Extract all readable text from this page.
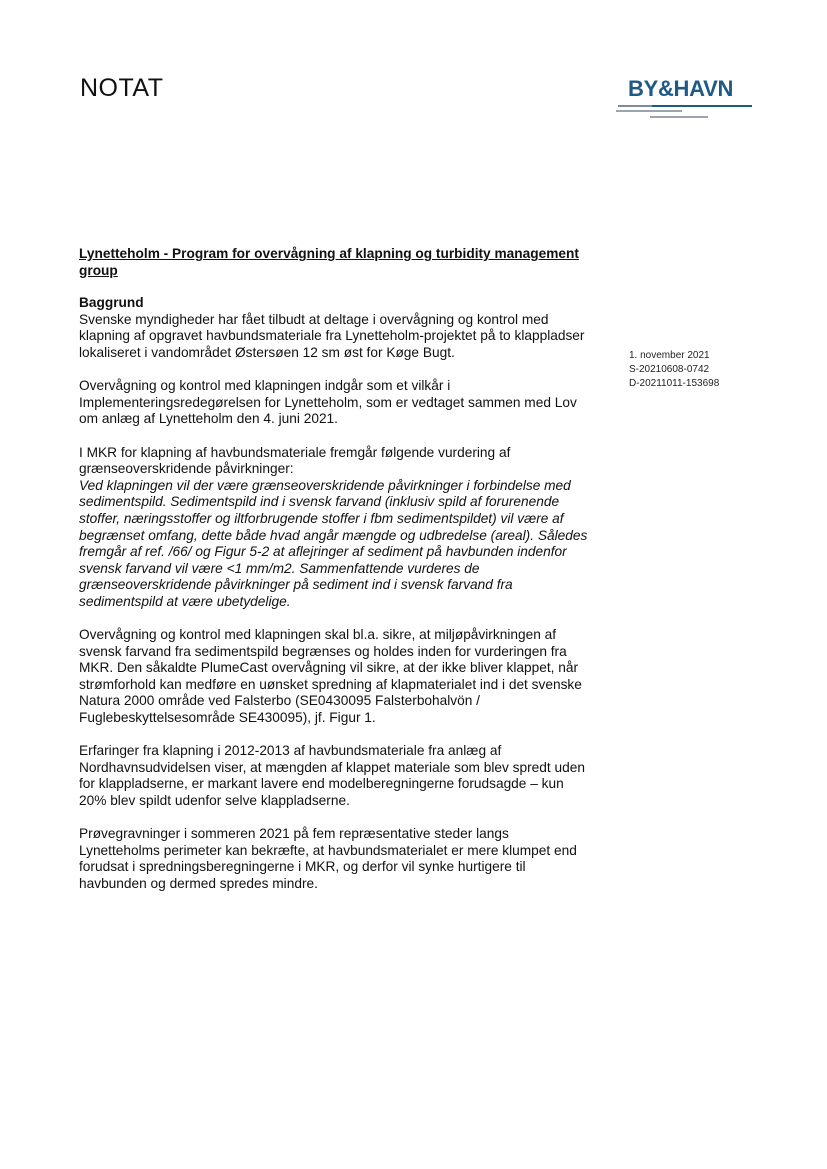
NOTAT	BY&HAVN
1. november 2021
S-20210608-0742
D-20211011-153698

Lynetteholm - Program for overvågning af klapning og turbidity management group

Baggrund

Svenske myndigheder har fået tilbudt at deltage i overvågning og kontrol med klapning af opgravet havbundsmateriale fra Lynetteholm-projektet på to klappladser lokaliseret i vandområdet Østersøen 12 sm øst for Køge Bugt.

Overvågning og kontrol med klapningen indgår som et vilkår i Implementeringsredegørelsen for Lynetteholm, som er vedtaget sammen med Lov om anlæg af Lynetteholm den 4. juni 2021.

I MKR for klapning af havbundsmateriale fremgår følgende vurdering af grænseoverskridende påvirkninger:

Ved klapningen vil der være grænseoverskridende påvirkninger i forbindelse med sedimentspild. Sedimentspild ind i svensk farvand (inklusiv spild af forurenende stoffer, næringsstoffer og iltforbrugende stoffer i fbm sedimentspildet) vil være af begrænset omfang, dette både hvad angår mængde og udbredelse (areal). Således fremgår af ref. /66/ og Figur 5-2 at aflejringer af sediment på havbunden indenfor svensk farvand vil være <1 mm/m2. Sammenfattende vurderes de grænseoverskridende påvirkninger på sediment ind i svensk farvand fra sedimentspild at være ubetydelige.

Overvågning og kontrol med klapningen skal bl.a. sikre, at miljøpåvirkningen af svensk farvand fra sedimentspild begrænses og holdes inden for vurderingen fra MKR. Den såkaldte PlumeCast overvågning vil sikre, at der ikke bliver klappet, når strømforhold kan medføre en uønsket spredning af klapmaterialet ind i det svenske Natura 2000 område ved Falsterbo (SE0430095 Falsterbohalvön / Fuglebeskyttelsesområde SE430095), jf. Figur 1.

Erfaringer fra klapning i 2012-2013 af havbundsmateriale fra anlæg af Nordhavnsudvidelsen viser, at mængden af klappet materiale som blev spredt uden for klappladserne, er markant lavere end modelberegningerne forudsagde – kun 20% blev spildt udenfor selve klappladserne.

Prøvegravninger i sommeren 2021 på fem repræsentative steder langs Lynetteholms perimeter kan bekræfte, at havbundsmaterialet er mere klumpet end forudsat i spredningsberegningerne i MKR, og derfor vil synke hurtigere til havbunden og dermed spredes mindre.
